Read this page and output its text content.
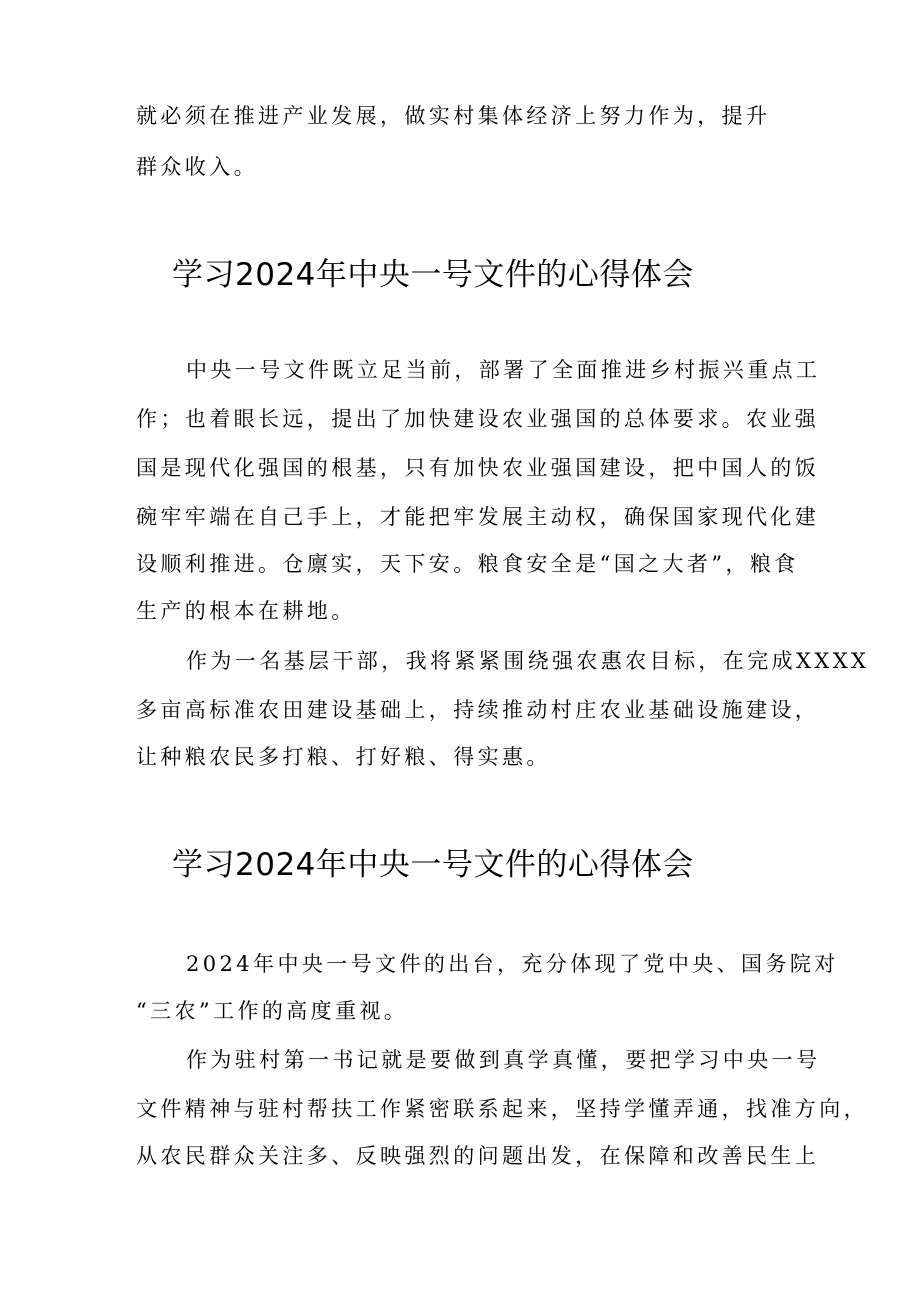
就必须在推进产业发展，做实村集体经济上努力作为，提升
群众收入。
学习2024年中央一号文件的心得体会
中央一号文件既立足当前，部署了全面推进乡村振兴重点工
作；也着眼长远，提出了加快建设农业强国的总体要求。农业强
国是现代化强国的根基，只有加快农业强国建设，把中国人的饭
碗牢牢端在自己手上，才能把牢发展主动权，确保国家现代化建
设顺利推进。仓廪实，天下安。粮食安全是“国之大者”，粮食
生产的根本在耕地。
作为一名基层干部，我将紧紧围绕强农惠农目标，在完成XXXX
多亩高标准农田建设基础上，持续推动村庄农业基础设施建设，
让种粮农民多打粮、打好粮、得实惠。
学习2024年中央一号文件的心得体会
2024年中央一号文件的出台，充分体现了党中央、国务院对
“三农”工作的高度重视。
作为驻村第一书记就是要做到真学真懂，要把学习中央一号
文件精神与驻村帮扶工作紧密联系起来，坚持学懂弄通，找准方向，
从农民群众关注多、反映强烈的问题出发，在保障和改善民生上
